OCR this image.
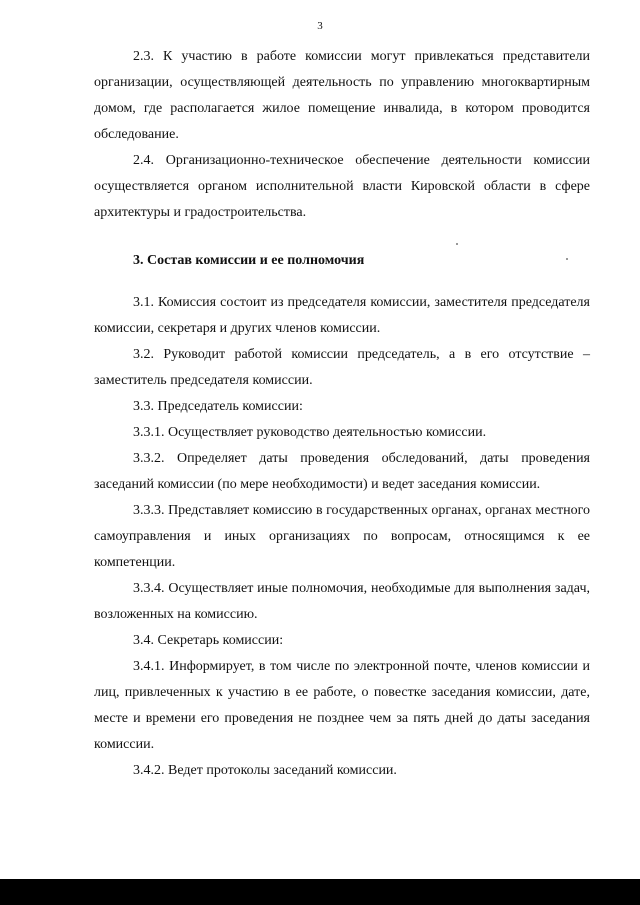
3

2.3. К участию в работе комиссии могут привлекаться представители организации, осуществляющей деятельность по управлению многоквартирным домом, где располагается жилое помещение инвалида, в котором проводится обследование.

2.4. Организационно-техническое обеспечение деятельности комиссии осуществляется органом исполнительной власти Кировской области в сфере архитектуры и градостроительства.

3. Состав комиссии и ее полномочия

3.1. Комиссия состоит из председателя комиссии, заместителя председателя комиссии, секретаря и других членов комиссии.

3.2. Руководит работой комиссии председатель, а в его отсутствие – заместитель председателя комиссии.

3.3. Председатель комиссии:

3.3.1. Осуществляет руководство деятельностью комиссии.

3.3.2. Определяет даты проведения обследований, даты проведения заседаний комиссии (по мере необходимости) и ведет заседания комиссии.

3.3.3. Представляет комиссию в государственных органах, органах местного самоуправления и иных организациях по вопросам, относящимся к ее компетенции.

3.3.4. Осуществляет иные полномочия, необходимые для выполнения задач, возложенных на комиссию.

3.4. Секретарь комиссии:

3.4.1. Информирует, в том числе по электронной почте, членов комиссии и лиц, привлеченных к участию в ее работе, о повестке заседания комиссии, дате, месте и времени его проведения не позднее чем за пять дней до даты заседания комиссии.

3.4.2. Ведет протоколы заседаний комиссии.
